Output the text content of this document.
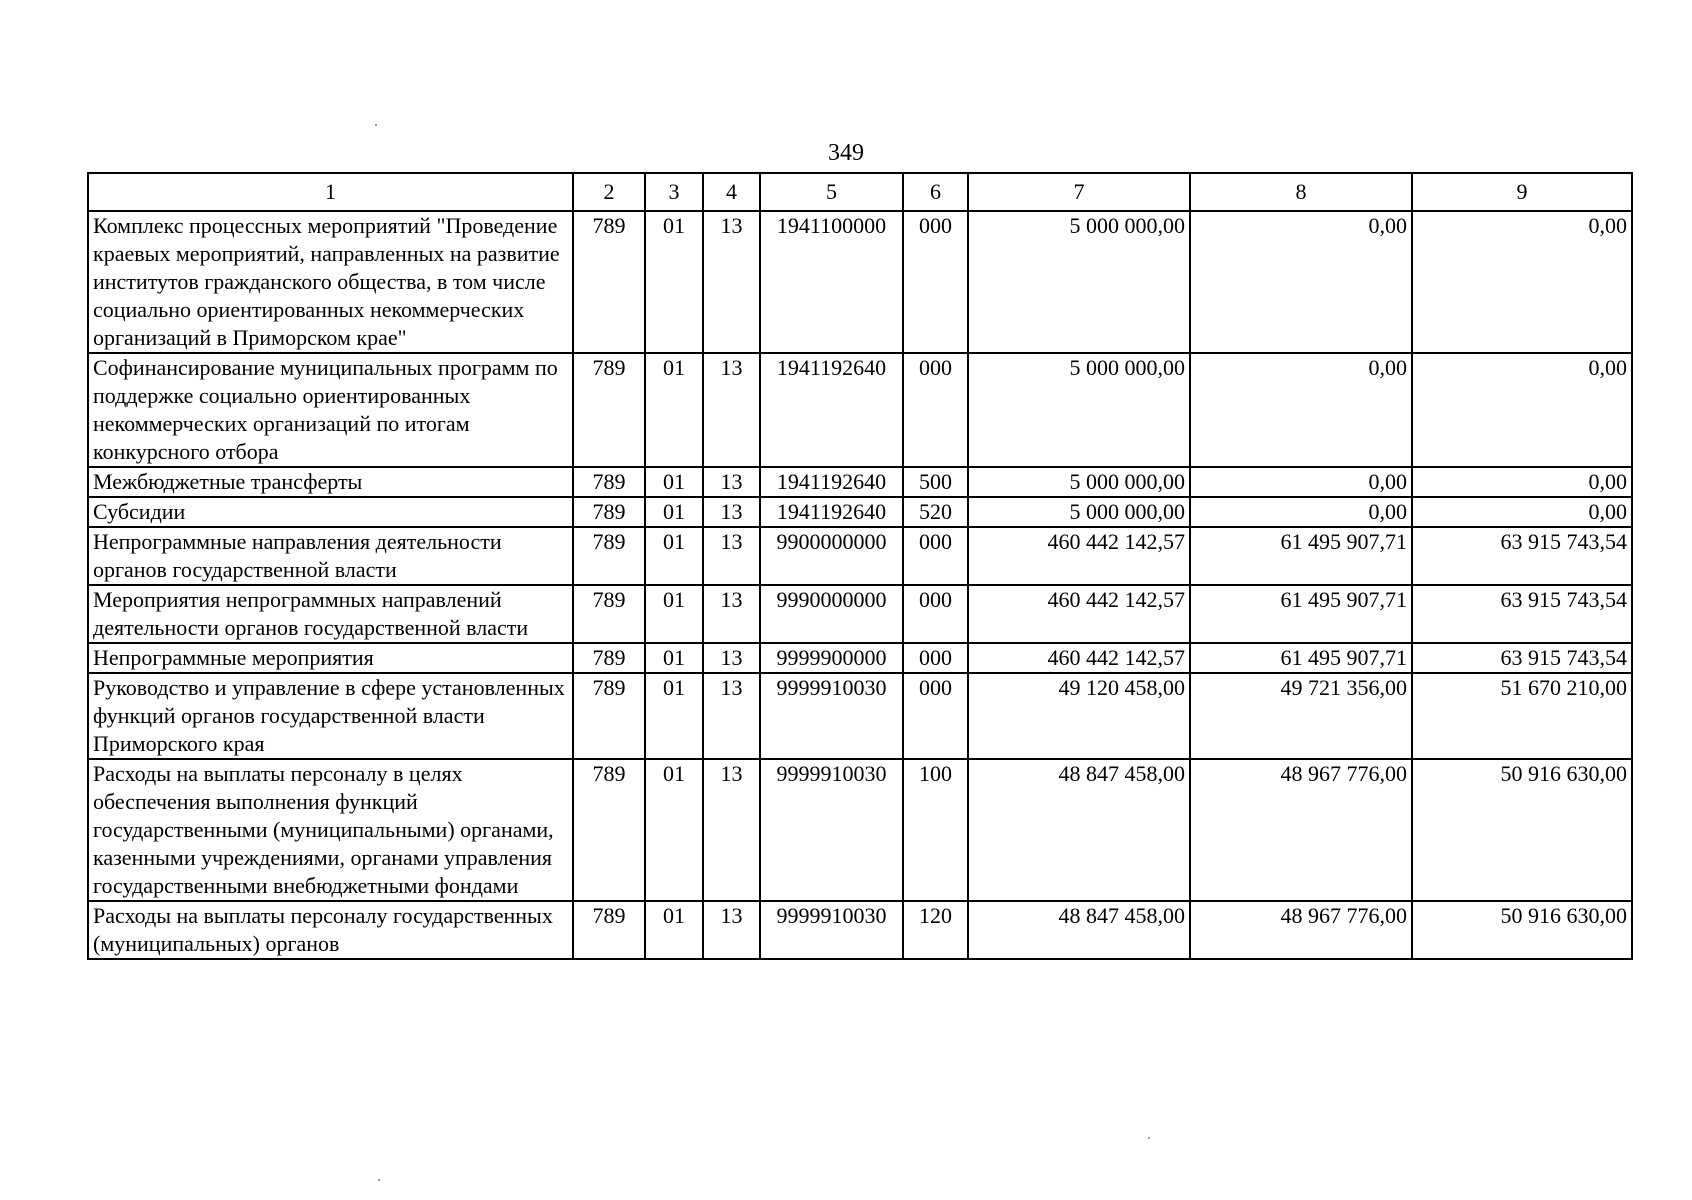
349
1	2	3	4	5	6	7	8	9
Комплекс процессных мероприятий "Проведение краевых мероприятий, направленных на развитие институтов гражданского общества, в том числе социально ориентированных некоммерческих организаций в Приморском крае"	789	01	13	1941100000	000	5 000 000,00	0,00	0,00
Софинансирование муниципальных программ по поддержке социально ориентированных некоммерческих организаций по итогам конкурсного отбора	789	01	13	1941192640	000	5 000 000,00	0,00	0,00
Межбюджетные трансферты	789	01	13	1941192640	500	5 000 000,00	0,00	0,00
Субсидии	789	01	13	1941192640	520	5 000 000,00	0,00	0,00
Непрограммные направления деятельности органов государственной власти	789	01	13	9900000000	000	460 442 142,57	61 495 907,71	63 915 743,54
Мероприятия непрограммных направлений деятельности органов государственной власти	789	01	13	9990000000	000	460 442 142,57	61 495 907,71	63 915 743,54
Непрограммные мероприятия	789	01	13	9999900000	000	460 442 142,57	61 495 907,71	63 915 743,54
Руководство и управление в сфере установленных функций органов государственной власти Приморского края	789	01	13	9999910030	000	49 120 458,00	49 721 356,00	51 670 210,00
Расходы на выплаты персоналу в целях обеспечения выполнения функций государственными (муниципальными) органами, казенными учреждениями, органами управления государственными внебюджетными фондами	789	01	13	9999910030	100	48 847 458,00	48 967 776,00	50 916 630,00
Расходы на выплаты персоналу государственных (муниципальных) органов	789	01	13	9999910030	120	48 847 458,00	48 967 776,00	50 916 630,00
